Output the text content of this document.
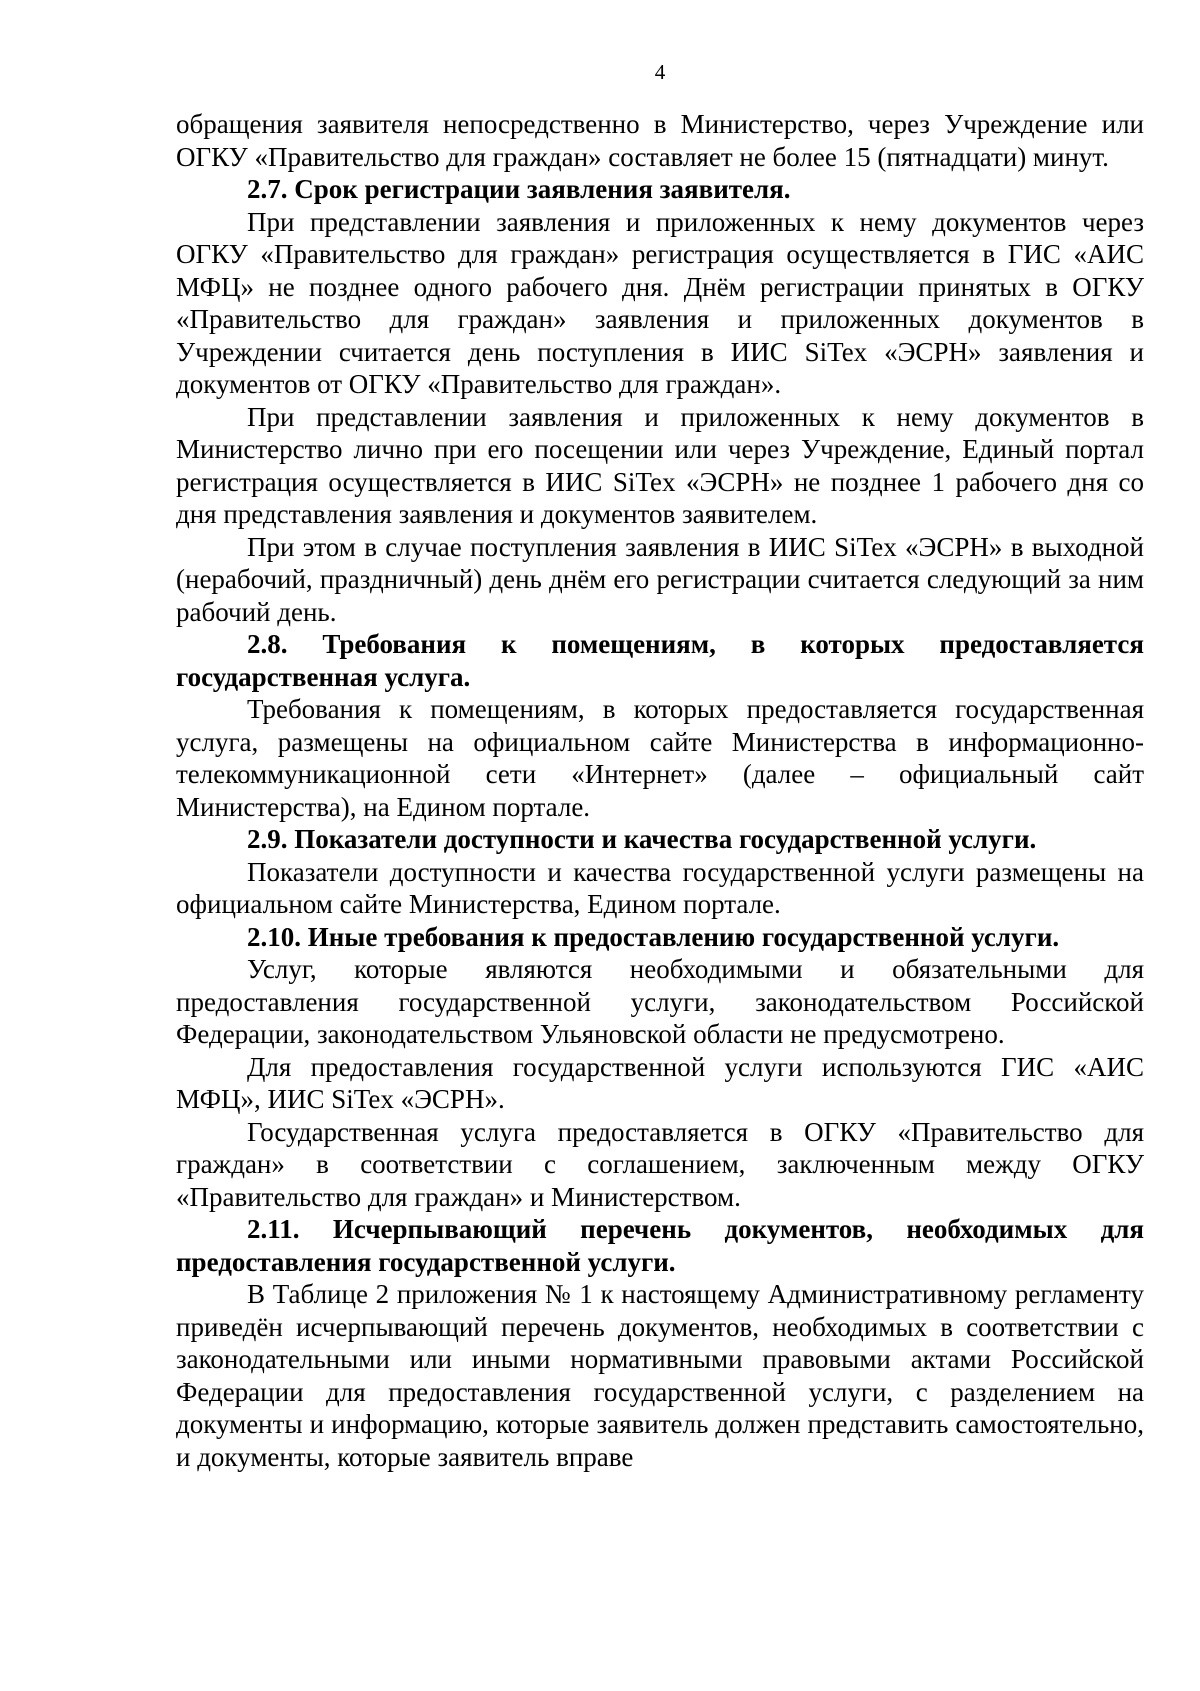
4

обращения заявителя непосредственно в Министерство, через Учреждение или ОГКУ «Правительство для граждан» составляет не более 15 (пятнадцати) минут.

2.7. Срок регистрации заявления заявителя.

При представлении заявления и приложенных к нему документов через ОГКУ «Правительство для граждан» регистрация осуществляется в ГИС «АИС МФЦ» не позднее одного рабочего дня. Днём регистрации принятых в ОГКУ «Правительство для граждан» заявления и приложенных документов в Учреждении считается день поступления в ИИС SiTex «ЭСРН» заявления и документов от ОГКУ «Правительство для граждан».

При представлении заявления и приложенных к нему документов в Министерство лично при его посещении или через Учреждение, Единый портал регистрация осуществляется в ИИС SiTex «ЭСРН» не позднее 1 рабочего дня со дня представления заявления и документов заявителем.

При этом в случае поступления заявления в ИИС SiTex «ЭСРН» в выходной (нерабочий, праздничный) день днём его регистрации считается следующий за ним рабочий день.

2.8. Требования к помещениям, в которых предоставляется государственная услуга.

Требования к помещениям, в которых предоставляется государственная услуга, размещены на официальном сайте Министерства в информационно-телекоммуникационной сети «Интернет» (далее – официальный сайт Министерства), на Едином портале.

2.9. Показатели доступности и качества государственной услуги.

Показатели доступности и качества государственной услуги размещены на официальном сайте Министерства, Едином портале.

2.10. Иные требования к предоставлению государственной услуги.

Услуг, которые являются необходимыми и обязательными для предоставления государственной услуги, законодательством Российской Федерации, законодательством Ульяновской области не предусмотрено.

Для предоставления государственной услуги используются ГИС «АИС МФЦ», ИИС SiTex «ЭСРН».

Государственная услуга предоставляется в ОГКУ «Правительство для граждан» в соответствии с соглашением, заключенным между ОГКУ «Правительство для граждан» и Министерством.

2.11. Исчерпывающий перечень документов, необходимых для предоставления государственной услуги.

В Таблице 2 приложения № 1 к настоящему Административному регламенту приведён исчерпывающий перечень документов, необходимых в соответствии с законодательными или иными нормативными правовыми актами Российской Федерации для предоставления государственной услуги, с разделением на документы и информацию, которые заявитель должен представить самостоятельно, и документы, которые заявитель вправе
